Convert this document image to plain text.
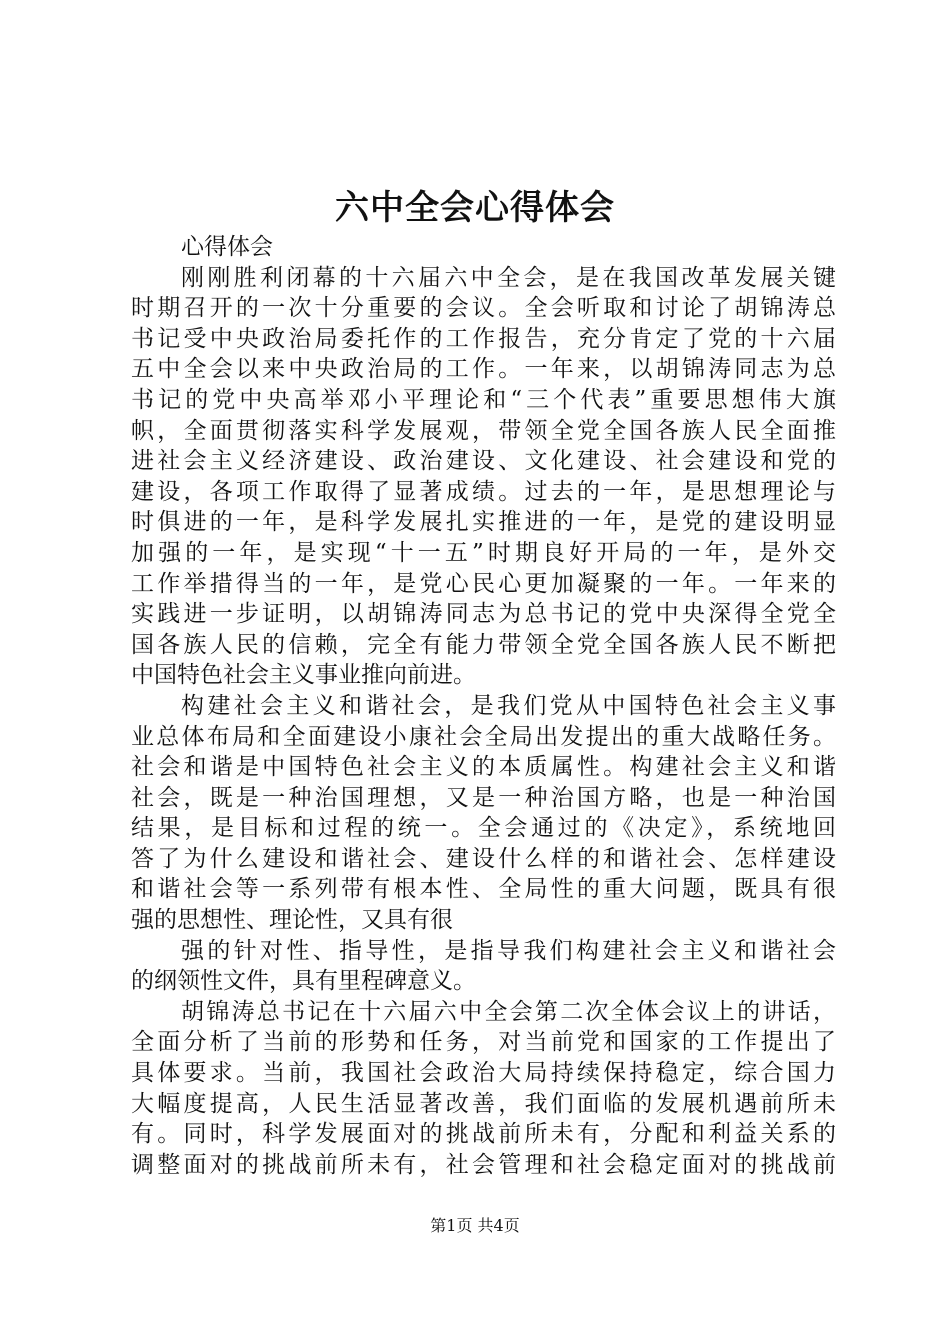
六中全会心得体会
心得体会
刚刚胜利闭幕的十六届六中全会，是在我国改革发展关键
时期召开的一次十分重要的会议。全会听取和讨论了胡锦涛总
书记受中央政治局委托作的工作报告，充分肯定了党的十六届
五中全会以来中央政治局的工作。一年来，以胡锦涛同志为总
书记的党中央高举邓小平理论和“三个代表”重要思想伟大旗
帜，全面贯彻落实科学发展观，带领全党全国各族人民全面推
进社会主义经济建设、政治建设、文化建设、社会建设和党的
建设，各项工作取得了显著成绩。过去的一年，是思想理论与
时俱进的一年，是科学发展扎实推进的一年，是党的建设明显
加强的一年，是实现“十一五”时期良好开局的一年，是外交
工作举措得当的一年，是党心民心更加凝聚的一年。一年来的
实践进一步证明，以胡锦涛同志为总书记的党中央深得全党全
国各族人民的信赖，完全有能力带领全党全国各族人民不断把
中国特色社会主义事业推向前进。
构建社会主义和谐社会，是我们党从中国特色社会主义事
业总体布局和全面建设小康社会全局出发提出的重大战略任务。
社会和谐是中国特色社会主义的本质属性。构建社会主义和谐
社会，既是一种治国理想，又是一种治国方略，也是一种治国
结果，是目标和过程的统一。全会通过的《决定》，系统地回
答了为什么建设和谐社会、建设什么样的和谐社会、怎样建设
和谐社会等一系列带有根本性、全局性的重大问题，既具有很
强的思想性、理论性，又具有很
强的针对性、指导性，是指导我们构建社会主义和谐社会
的纲领性文件，具有里程碑意义。
胡锦涛总书记在十六届六中全会第二次全体会议上的讲话，
全面分析了当前的形势和任务，对当前党和国家的工作提出了
具体要求。当前，我国社会政治大局持续保持稳定，综合国力
大幅度提高，人民生活显著改善，我们面临的发展机遇前所未
有。同时，科学发展面对的挑战前所未有，分配和利益关系的
调整面对的挑战前所未有，社会管理和社会稳定面对的挑战前
第1页 共4页
